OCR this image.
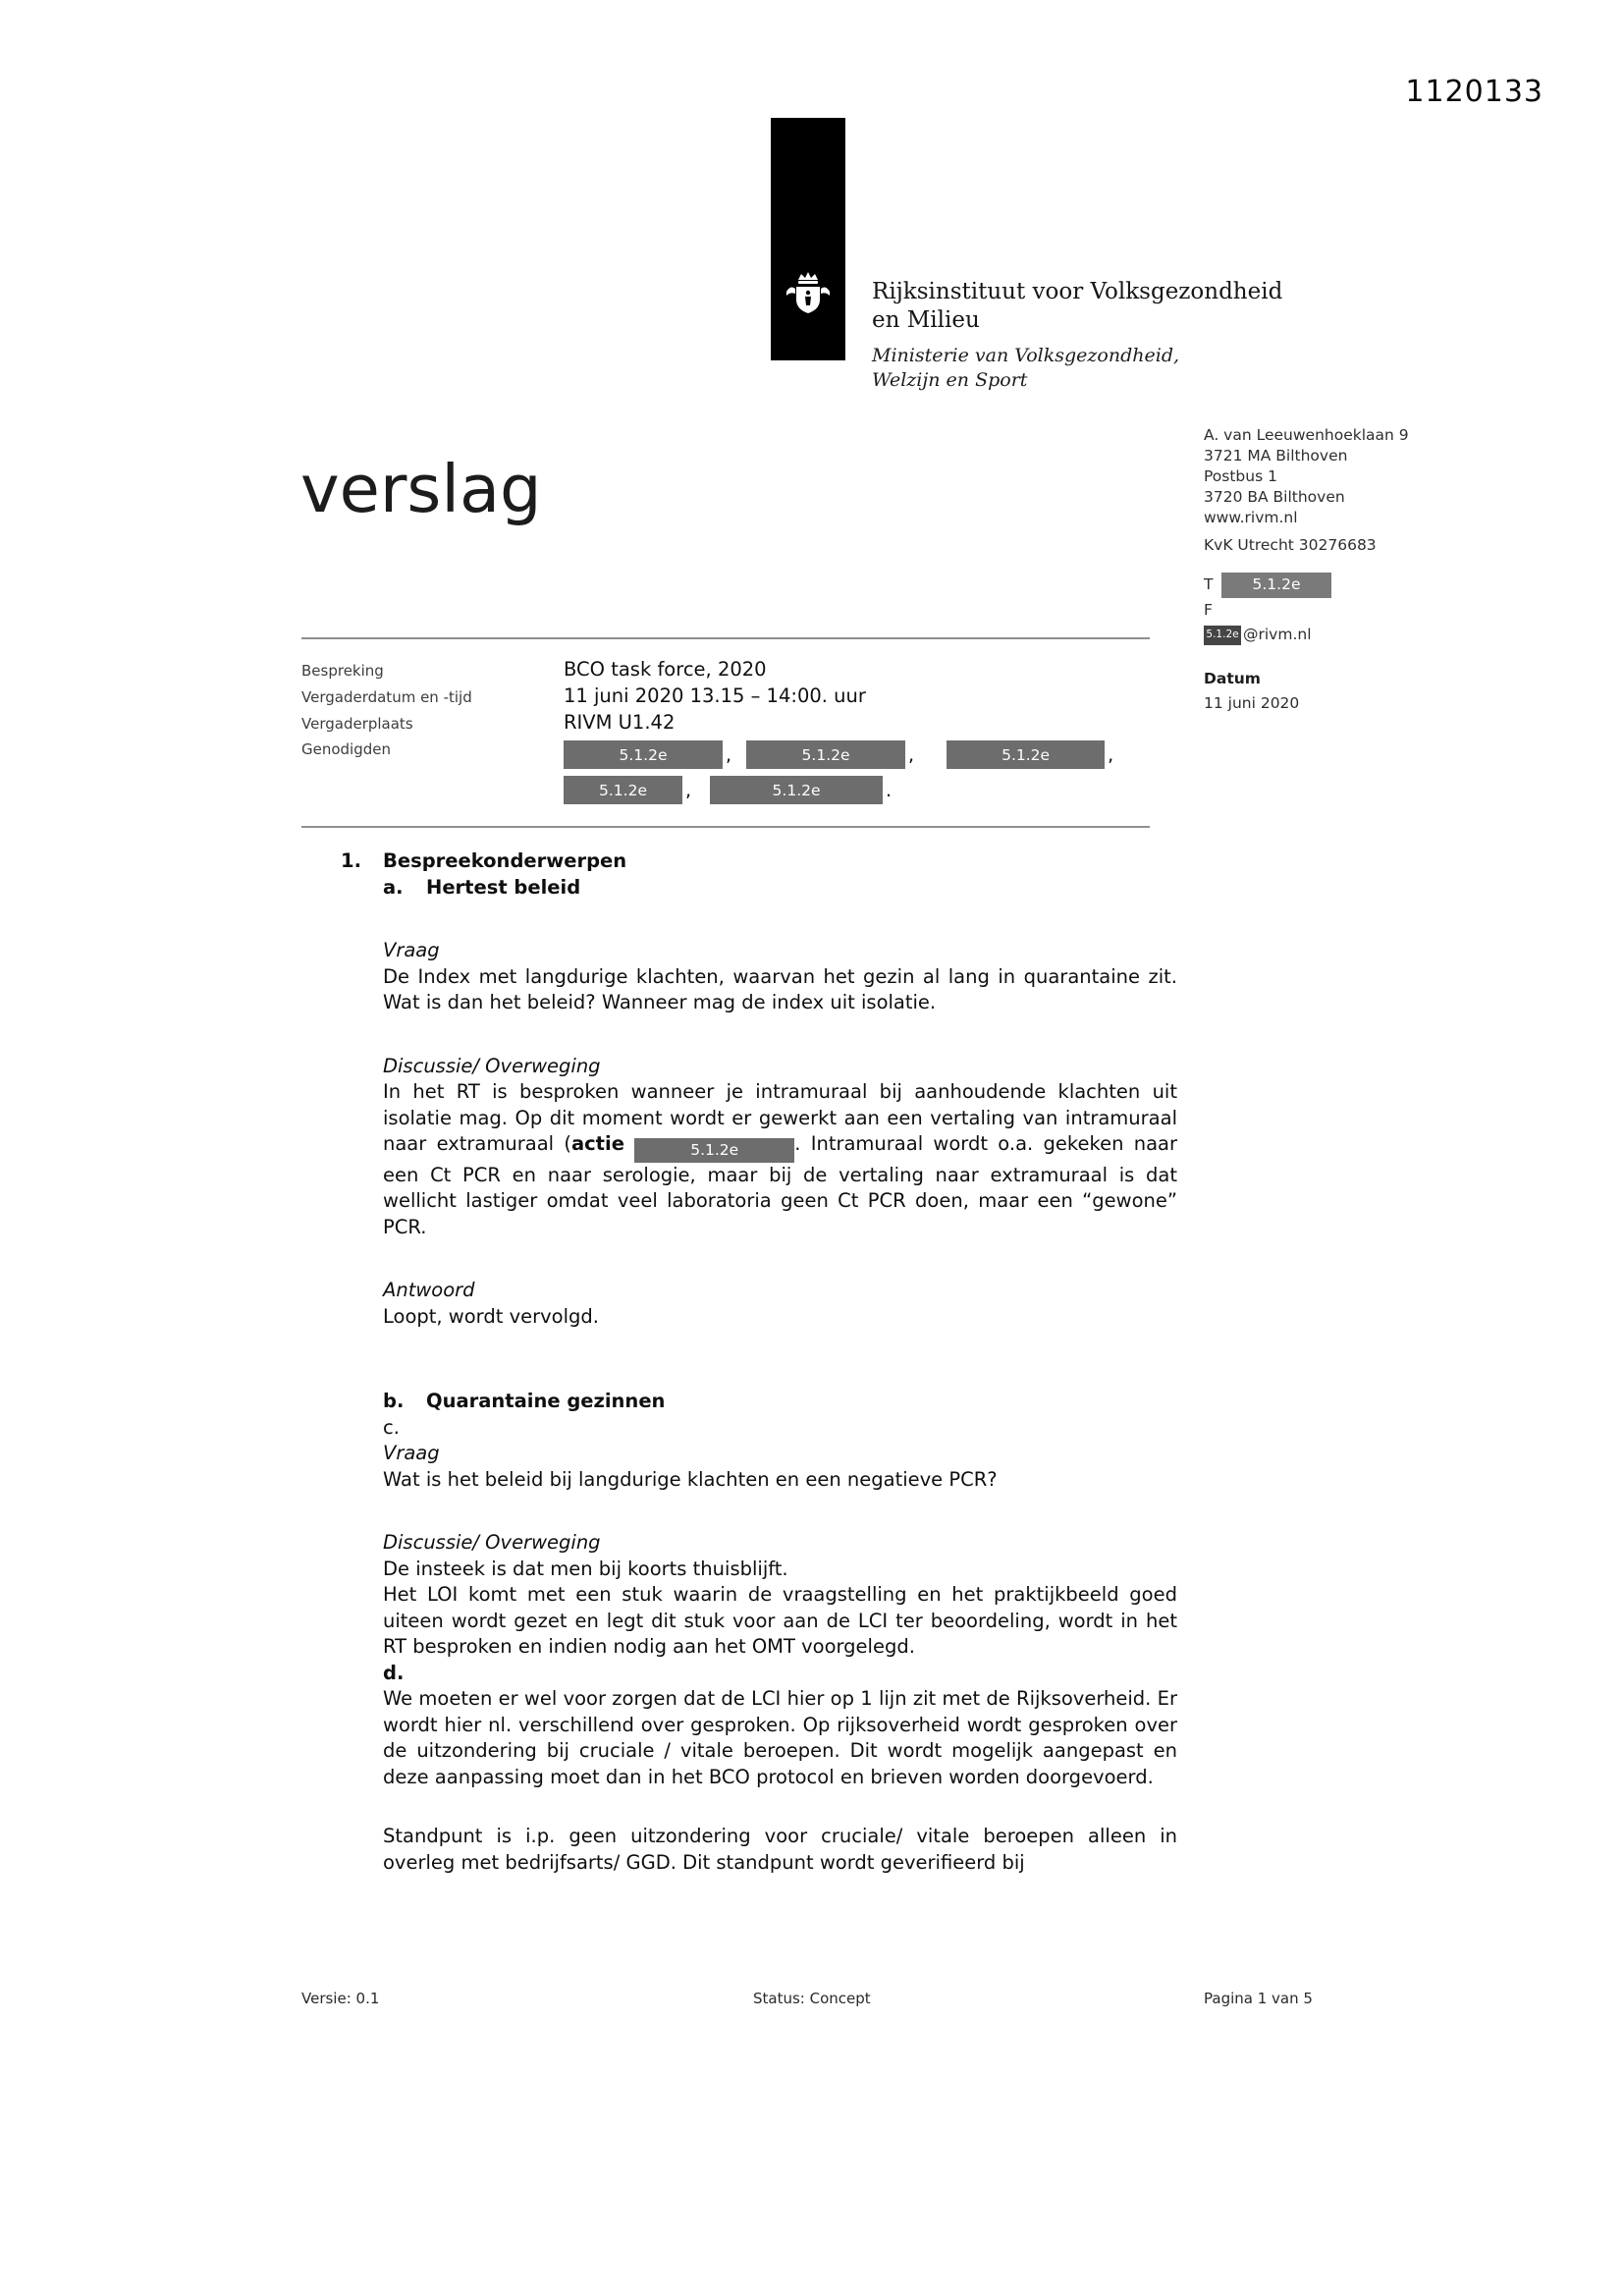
1120133
Rijksinstituut voor Volksgezondheid
en Milieu
Ministerie van Volksgezondheid,
Welzijn en Sport
verslag
A. van Leeuwenhoeklaan 9
3721 MA Bilthoven
Postbus 1
3720 BA Bilthoven
www.rivm.nl
KvK Utrecht 30276683
T	5.1.2e
F
5.1.2e @rivm.nl
Datum
11 juni 2020
Bespreking	BCO task force, 2020
Vergaderdatum en -tijd	11 juni 2020 13.15 – 14:00. uur
Vergaderplaats	RIVM U1.42
Genodigden	5.1.2e	,	5.1.2e	,	5.1.2e	,
5.1.2e	,	5.1.2e	.
1.	Bespreekonderwerpen
a.	Hertest beleid
Vraag

De Index met langdurige klachten, waarvan het gezin al lang in quarantaine zit. Wat is dan het beleid? Wanneer mag de index uit isolatie.

Discussie/ Overweging

In het RT is besproken wanneer je intramuraal bij aanhoudende klachten uit isolatie mag. Op dit moment wordt er gewerkt aan een vertaling van intramuraal naar extramuraal (actie	5.1.2e	. Intramuraal wordt o.a. gekeken naar een Ct PCR en naar serologie, maar bij de vertaling naar extramuraal is dat wellicht lastiger omdat veel laboratoria geen Ct PCR doen, maar een “gewone” PCR.

Antwoord

Loopt, wordt vervolgd.

b.	Quarantaine gezinnen
c.
Vraag

Wat is het beleid bij langdurige klachten en een negatieve PCR?

Discussie/ Overweging

De insteek is dat men bij koorts thuisblijft.

Het LOI komt met een stuk waarin de vraagstelling en het praktijkbeeld goed uiteen wordt gezet en legt dit stuk voor aan de LCI ter beoordeling, wordt in het RT besproken en indien nodig aan het OMT voorgelegd.

d.

We moeten er wel voor zorgen dat de LCI hier op 1 lijn zit met de Rijksoverheid. Er wordt hier nl. verschillend over gesproken. Op rijksoverheid wordt gesproken over de uitzondering bij cruciale / vitale beroepen. Dit wordt mogelijk aangepast en deze aanpassing moet dan in het BCO protocol en brieven worden doorgevoerd.

Standpunt is i.p. geen uitzondering voor cruciale/ vitale beroepen alleen in overleg met bedrijfsarts/ GGD. Dit standpunt wordt geverifieerd bij

Versie: 0.1	Status: Concept	Pagina 1 van 5
